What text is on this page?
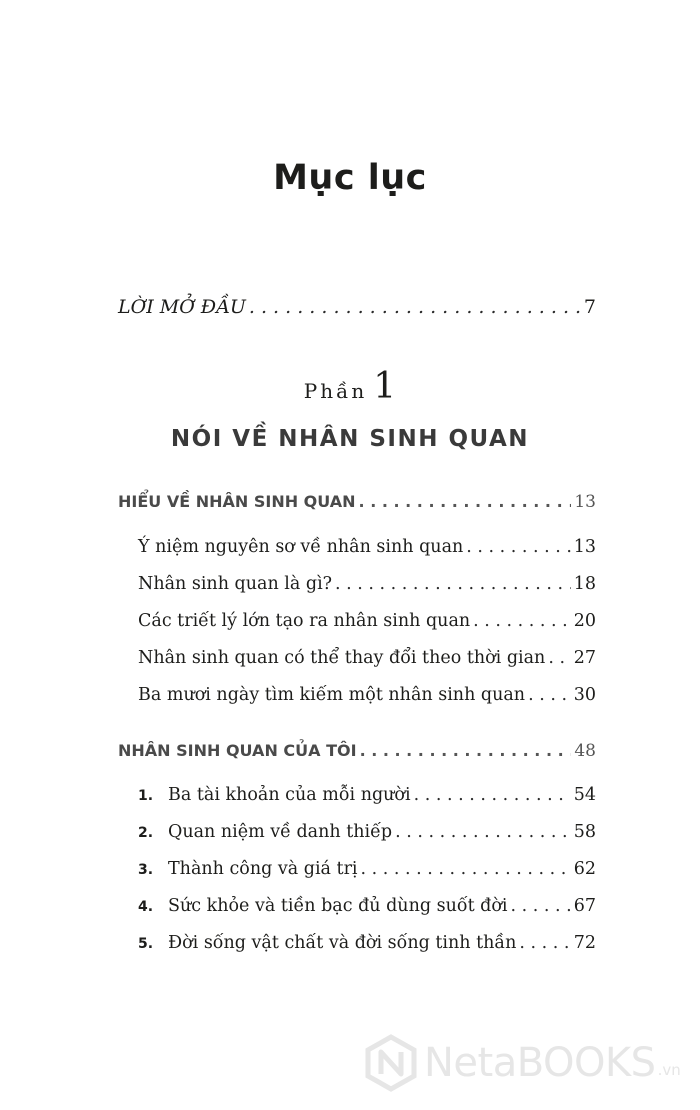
Mục lục
LỜI MỞ ĐẦU . . .	7
Phần 1
NÓI VỀ NHÂN SINH QUAN
HIỂU VỀ NHÂN SINH QUAN . . .	13
Ý niệm nguyên sơ về nhân sinh quan . . .	13
Nhân sinh quan là gì? . . .	18
Các triết lý lớn tạo ra nhân sinh quan . . .	20
Nhân sinh quan có thể thay đổi theo thời gian . . . 27
Ba mươi ngày tìm kiếm một nhân sinh quan . . .	30
NHÂN SINH QUAN CỦA TÔI . . .	48
1. Ba tài khoản của mỗi người . . .	54
2. Quan niệm về danh thiếp . . .	58
3. Thành công và giá trị . . .	62
4. Sức khỏe và tiền bạc đủ dùng suốt đời . . .	67
5. Đời sống vật chất và đời sống tinh thần . . .	72
NetaBOOKS .vn
